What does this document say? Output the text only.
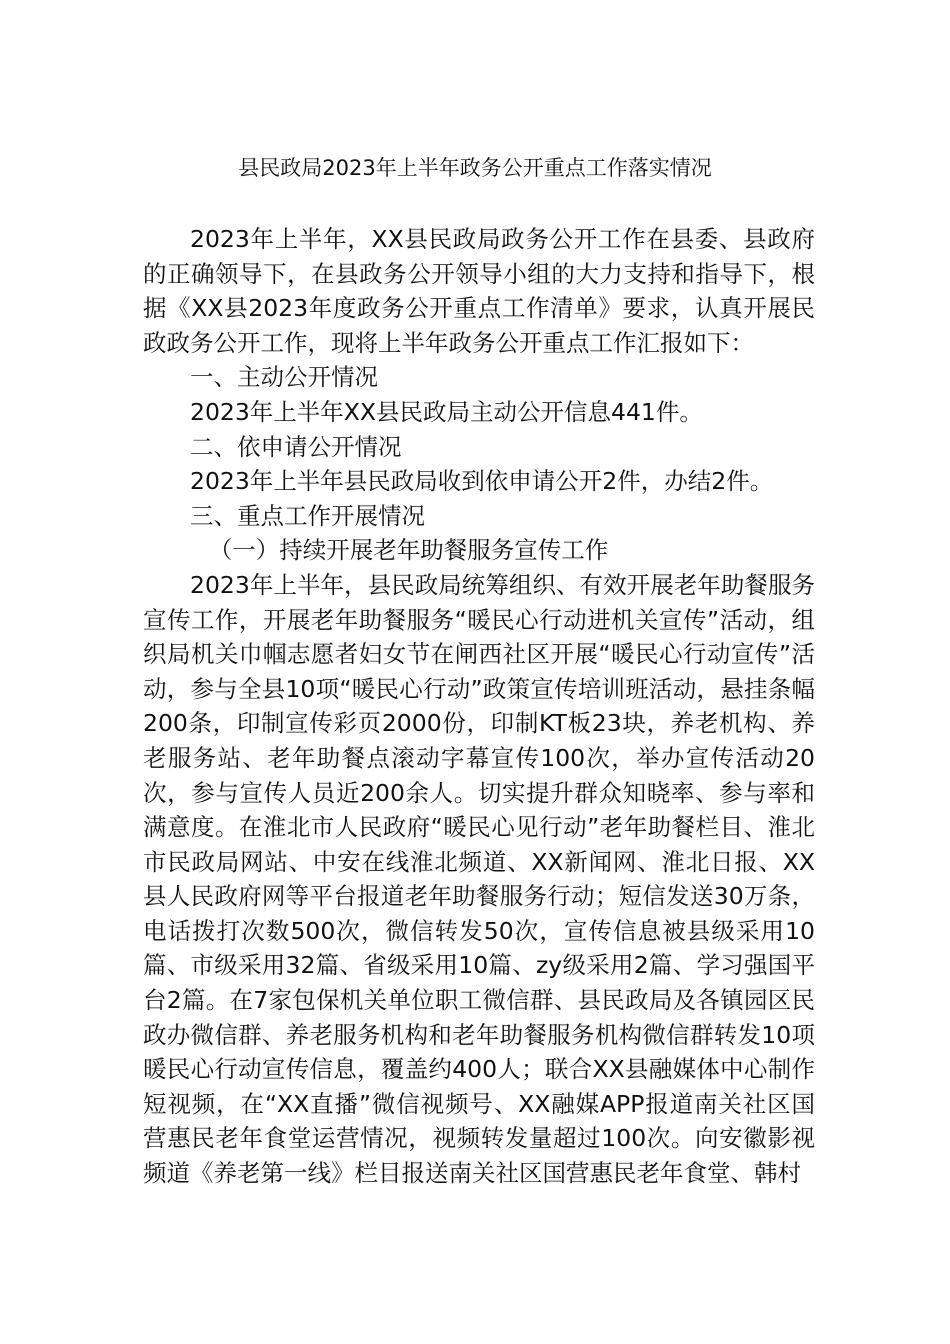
县民政局2023年上半年政务公开重点工作落实情况

2023年上半年，XX县民政局政务公开工作在县委、县政府的正确领导下，在县政务公开领导小组的大力支持和指导下，根据《XX县2023年度政务公开重点工作清单》要求，认真开展民政政务公开工作，现将上半年政务公开重点工作汇报如下：

一、主动公开情况

2023年上半年XX县民政局主动公开信息441件。

二、依申请公开情况

2023年上半年县民政局收到依申请公开2件，办结2件。

三、重点工作开展情况

（一）持续开展老年助餐服务宣传工作

2023年上半年，县民政局统筹组织、有效开展老年助餐服务宣传工作，开展老年助餐服务“暖民心行动进机关宣传”活动，组织局机关巾帼志愿者妇女节在闸西社区开展“暖民心行动宣传”活动，参与全县10项“暖民心行动”政策宣传培训班活动，悬挂条幅200条，印制宣传彩页2000份，印制KT板23块，养老机构、养老服务站、老年助餐点滚动字幕宣传100次，举办宣传活动20次，参与宣传人员近200余人。切实提升群众知晓率、参与率和满意度。在淮北市人民政府“暖民心见行动”老年助餐栏目、淮北市民政局网站、中安在线淮北频道、XX新闻网、淮北日报、XX县人民政府网等平台报道老年助餐服务行动；短信发送30万条，电话拨打次数500次，微信转发50次，宣传信息被县级采用10篇、市级采用32篇、省级采用10篇、zy级采用2篇、学习强国平台2篇。在7家包保机关单位职工微信群、县民政局及各镇园区民政办微信群、养老服务机构和老年助餐服务机构微信群转发10项暖民心行动宣传信息，覆盖约400人；联合XX县融媒体中心制作短视频，在“XX直播”微信视频号、XX融媒APP报道南关社区国营惠民老年食堂运营情况，视频转发量超过100次。向安徽影视频道《养老第一线》栏目报送南关社区国营惠民老年食堂、韩村
